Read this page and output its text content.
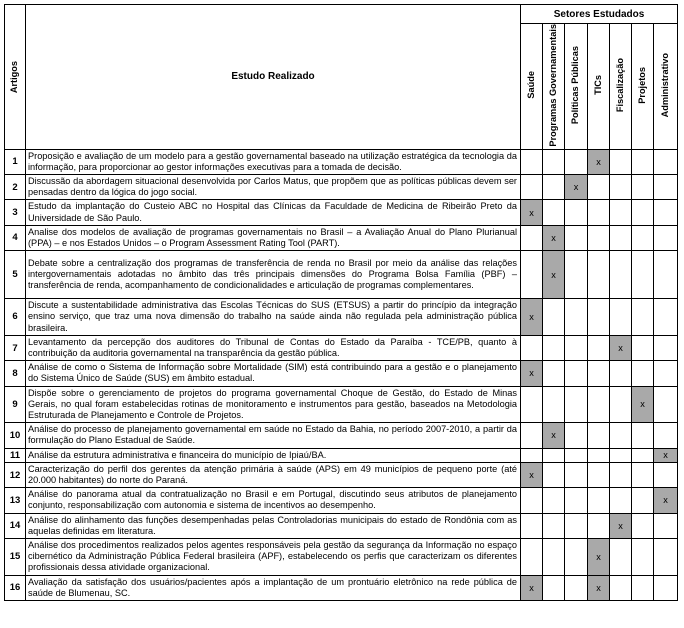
Artigos	Estudo Realizado	Setores Estudados						
		Saúde	Programas Governamentais	Políticas Públicas	TICs	Fiscalização	Projetos	Administrativo
1	Proposição e avaliação de um modelo para a gestão governamental baseado na utilização estratégica da tecnologia da informação, para proporcionar ao gestor informações executivas para a tomada de decisão.				x			
2	Discussão da abordagem situacional desenvolvida por Carlos Matus, que propõem que as políticas públicas devem ser pensadas dentro da lógica do jogo social.			x				
3	Estudo da implantação do Custeio ABC no Hospital das Clínicas da Faculdade de Medicina de Ribeirão Preto da Universidade de São Paulo.	x						
4	Analise dos modelos de avaliação de programas governamentais no Brasil – a Avaliação Anual do Plano Plurianual (PPA) – e nos Estados Unidos – o Program Assessment Rating Tool (PART).		x					
5	Debate sobre a centralização dos programas de transferência de renda no Brasil por meio da análise das relações intergovernamentais adotadas no âmbito das três principais dimensões do Programa Bolsa Família (PBF) – transferência de renda, acompanhamento de condicionalidades e articulação de programas complementares.		x					
6	Discute a sustentabilidade administrativa das Escolas Técnicas do SUS (ETSUS) a partir do princípio da integração ensino serviço, que traz uma nova dimensão do trabalho na saúde ainda não regulada pela administração pública brasileira.	x						
7	Levantamento da percepção dos auditores do Tribunal de Contas do Estado da Paraíba - TCE/PB, quanto à contribuição da auditoria governamental na transparência da gestão pública.					x		
8	Análise de como o Sistema de Informação sobre Mortalidade (SIM) está contribuindo para a gestão e o planejamento do Sistema Único de Saúde (SUS) em âmbito estadual.	x						
9	Dispõe sobre o gerenciamento de projetos do programa governamental Choque de Gestão, do Estado de Minas Gerais, no qual foram estabelecidas rotinas de monitoramento e instrumentos para gestão, baseados na Metodologia Estruturada de Planejamento e Controle de Projetos.						x	
10	Análise do processo de planejamento governamental em saúde no Estado da Bahia, no período 2007-2010, a partir da formulação do Plano Estadual de Saúde.		x					
11	Análise da estrutura administrativa e financeira do município de Ipiaú/BA.							x
12	Caracterização do perfil dos gerentes da atenção primária à saúde (APS) em 49 municípios de pequeno porte (até 20.000 habitantes) do norte do Paraná.	x						
13	Análise do panorama atual da contratualização no Brasil e em Portugal, discutindo seus atributos de planejamento conjunto, responsabilização com autonomia e sistema de incentivos ao desempenho.							x
14	Análise do alinhamento das funções desempenhadas pelas Controladorias municipais do estado de Rondônia com as aquelas definidas em literatura.					x		
15	Análise dos procedimentos realizados pelos agentes responsáveis pela gestão da segurança da Informação no espaço cibernético da Administração Pública Federal brasileira (APF), estabelecendo os perfis que caracterizam os diferentes profissionais dessa atividade organizacional.				x			
16	Avaliação da satisfação dos usuários/pacientes após a implantação de um prontuário eletrônico na rede pública de saúde de Blumenau, SC.	x			x			
